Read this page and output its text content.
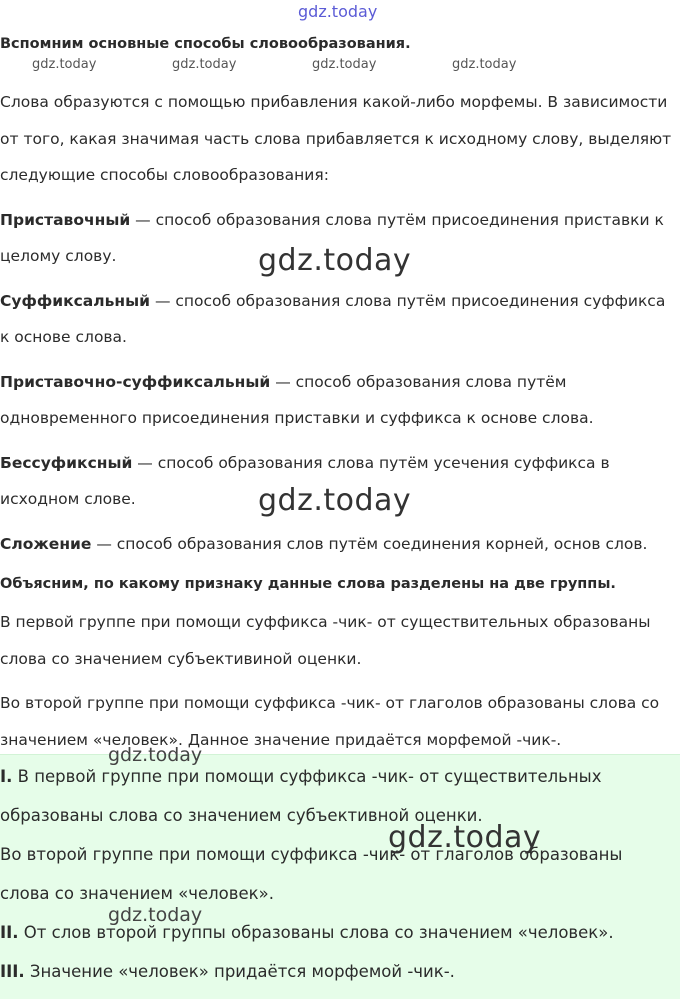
Вспомним основные способы словообразования.

Слова образуются с помощью прибавления какой-либо морфемы. В зависимости от того, какая значимая часть слова прибавляется к исходному слову, выделяют следующие способы словообразования:

Приставочный — способ образования слова путём присоединения приставки к целому слову.

Суффиксальный — способ образования слова путём присоединения суффикса к основе слова.

Приставочно-суффиксальный — способ образования слова путём одновременного присоединения приставки и суффикса к основе слова.

Бессуфиксный — способ образования слова путём усечения суффикса в исходном слове.

Сложение — способ образования слов путём соединения корней, основ слов.

Объясним, по какому признаку данные слова разделены на две группы.

В первой группе при помощи суффикса -чик- от существительных образованы слова со значением субъективиной оценки.

Во второй группе при помощи суффикса -чик- от глаголов образованы слова со значением «человек». Данное значение придаётся морфемой -чик-.

I. В первой группе при помощи суффикса -чик- от существительных образованы слова со значением субъективной оценки.

Во второй группе при помощи суффикса -чик- от глаголов образованы слова со значением «человек».

II. От слов второй группы образованы слова со значением «человек».

III. Значение «человек» придаётся морфемой -чик-.

gdz.today
gdz.today	gdz.today	gdz.today	gdz.today
gdz.today
gdz.today
gdz.today
gdz.today
gdz.today
